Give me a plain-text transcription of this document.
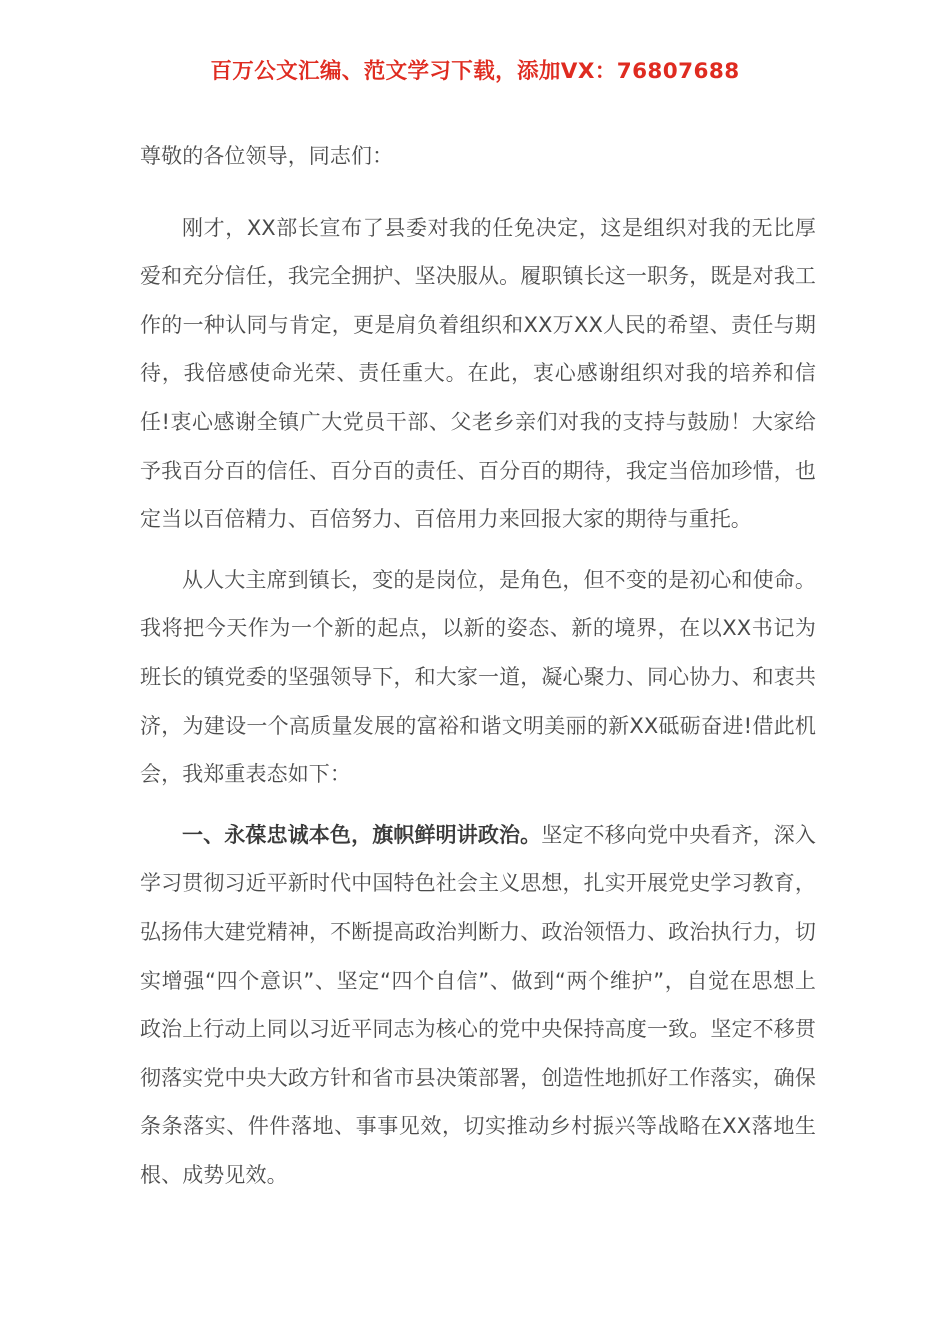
百万公文汇编、范文学习下载，添加VX：76807688

尊敬的各位领导，同志们：

刚才，XX部长宣布了县委对我的任免决定，这是组织对我的无比厚爱和充分信任，我完全拥护、坚决服从。履职镇长这一职务，既是对我工作的一种认同与肯定，更是肩负着组织和XX万XX人民的希望、责任与期待，我倍感使命光荣、责任重大。在此，衷心感谢组织对我的培养和信任!衷心感谢全镇广大党员干部、父老乡亲们对我的支持与鼓励！大家给予我百分百的信任、百分百的责任、百分百的期待，我定当倍加珍惜，也定当以百倍精力、百倍努力、百倍用力来回报大家的期待与重托。

从人大主席到镇长，变的是岗位，是角色，但不变的是初心和使命。我将把今天作为一个新的起点，以新的姿态、新的境界，在以XX书记为班长的镇党委的坚强领导下，和大家一道，凝心聚力、同心协力、和衷共济，为建设一个高质量发展的富裕和谐文明美丽的新XX砥砺奋进!借此机会，我郑重表态如下：

一、永葆忠诚本色，旗帜鲜明讲政治。坚定不移向党中央看齐，深入学习贯彻习近平新时代中国特色社会主义思想，扎实开展党史学习教育，弘扬伟大建党精神，不断提高政治判断力、政治领悟力、政治执行力，切实增强“四个意识”、坚定“四个自信”、做到“两个维护”，自觉在思想上政治上行动上同以习近平同志为核心的党中央保持高度一致。坚定不移贯彻落实党中央大政方针和省市县决策部署，创造性地抓好工作落实，确保条条落实、件件落地、事事见效，切实推动乡村振兴等战略在XX落地生根、成势见效。
